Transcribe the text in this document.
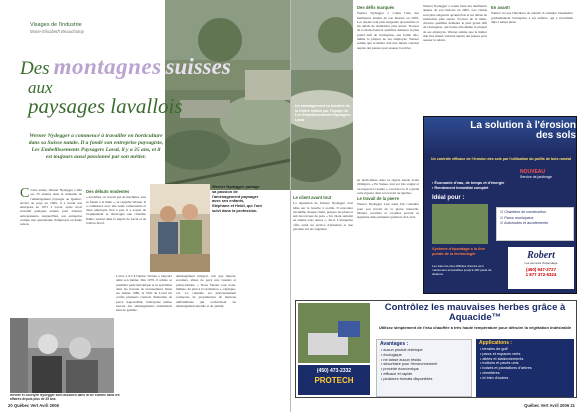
Visages de l'industrie
Marie-Elisabeth Beauchamp
Des montagnes suisses
aux
paysages lavallois
Werner Nydegger a commencé à travailler en horticulture dans sa Suisse natale. Il a fondé son entreprise paysagiste, Les Embellissements Paysagers Laval, il y a 35 ans, et il est toujours aussi passionné par son métier.
C Cette année, Werner Nydegger a fêté ses 35 années dans le domaine de l'aménagement paysager au Québec. Arrivé au pays en 1969, il a fondé son entreprise en 1971 à Laval, après avoir travaillé quelques années pour d'autres entrepreneurs. Aujourd'hui, son entreprise compte une quarantaine d'employés en haute saison.
Des débuts modestes
« Au début, on n'avait pas de machines, tout se faisait à la main », se rappelle Werner. Il a commencé avec une seule camionnette et deux employés. Peu à peu, il a acquis de l'équipement et développé une clientèle fidèle, surtout dans la région de Laval et de la Rive-Nord.
Werner Nydegger partage sa passion de l'aménagement paysager avec ses enfants, Stéphane et Heidi, qui l'ont suivi dans la profession.
Werner et Jocelyne Nydegger sont associés dans la vie comme dans les affaires depuis plus de 35 ans.
Laval, à 9,5 $ l'heure. Werner a toujours aimé son métier. Dès 1979, il achète sa première pelle mécanique et se spécialise dans les travaux de terrassement. Dans les années 1980, la Ville de Laval lui confie plusieurs contrats d'entretien de parcs. Aujourd'hui, l'entreprise réalise surtout des aménagements résidentiels haut de gamme.
aménagement intégral, tels que murets, escaliers, allées de pavé uni, bassins et plates-bandes. « Nous faisons tout nous-mêmes, du plan à la réalisation », explique-t-il. La clientèle est principalement composée de propriétaires de maisons unifamiliales qui recherchent un aménagement durable et de qualité.
20 Québec Vert Avril 2006
Un aménagement en bordure de la rivière réalisé par l'équipe de Les Embellissements Paysagers Laval.
Des défis marqués
Werner Nydegger a connu l'une des meilleures années de son histoire en 2005. Les clients sont plus exigeants qu'autrefois et les délais de réalisation plus serrés. Trouver de la main-d'œuvre qualifiée demeure le plus grand défi de l'entreprise, qui forme elle-même la plupart de ses employés. Werner estime que le métier doit être mieux valorisé auprès des jeunes pour assurer la relève.
Le client avant tout
La réputation de Werner Nydegger s'est bâtie sur le bouche à oreille. Il rencontre lui-même chaque client, prépare les plans et suit les travaux de près. « Un client satisfait en amène trois autres », dit-il. L'entreprise offre aussi un service d'entretien et une garantie sur les végétaux.
en horticulture dans sa région natale avant d'émigrer. « En Suisse, tout est très soigné et on respecte la nature », raconte-t-il. Il a gardé cette rigueur dans son travail au Québec.
Le travail de la pierre
Werner Nydegger s'est aussi fait connaître pour son travail de la pierre naturelle. Murets, escaliers et rocailles portent sa signature dans plusieurs quartiers de Laval.
Werner Nydegger a connu l'une des meilleures années de son histoire en 2005. Les clients sont plus exigeants qu'autrefois et les délais de réalisation plus serrés. Trouver de la main-d'œuvre qualifiée demeure le plus grand défi de l'entreprise, qui forme elle-même la plupart de ses employés. Werner estime que le métier doit être mieux valorisé auprès des jeunes pour assurer la relève.
En avant!
Werner n'a pas l'intention de ralentir. Il souhaite transmettre graduellement l'entreprise à ses enfants, qui y travaillent déjà à temps plein.
La solution à l'érosion des sols
Un contrôle efficace de l'érosion des sols par l'utilisation du paillis de bois raméal
NOUVEAU
Service de jardinage
▪ Économie d'eau, de temps et d'énergie
▪ Rendement immédiat complet
Idéal pour :
Système d'épandage à la fine pointe de la technologie
Les sites les plus difficiles d'accès sont maintenant accessibles jusqu'à 400 pieds de distance
☑ Chantiers de construction
☑ Parcs municipaux
☑ Autoroutes et accotements
Robert
Les services d'épandage
(450) 947-2727
1 877 372-5324
Contrôlez les mauvaises herbes grâce à Aquacide™
Utilisez simplement de l'eau chauffée à très haute température pour détruire la végétation indésirable
(450) 473-2332
PROTECH
Avantages :
• aucun produit chimique
• écologique
• ne laisse aucun résidu
• sécuritaire pour l'environnement
• procédé économique
• efficace et rapide
• plusieurs formats disponibles
Applications :
• terrains de golf
• parcs et espaces verts
• allées et stationnements
• trottoirs et pavés unis
• boisés et plantations d'arbres
• cimetières
• et bien d'autres
Québec Vert Avril 2006 21
